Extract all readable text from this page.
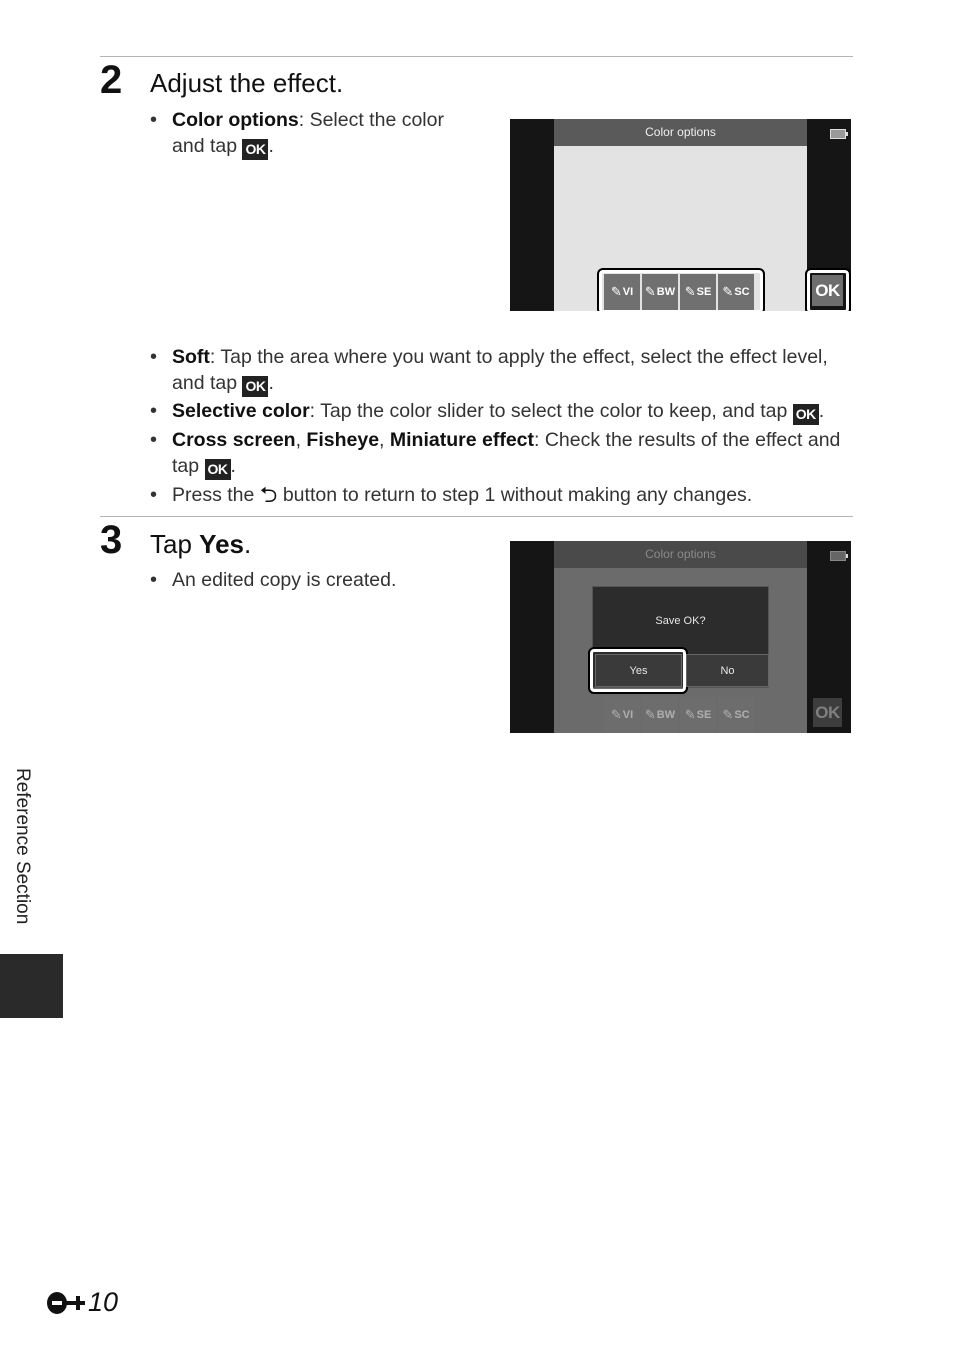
2 Adjust the effect.
• Color options: Select the color and tap OK .
Color options
✎ VI ✎ BW ✎ SE ✎ SC	OK
• Soft: Tap the area where you want to apply the effect, select the effect level, and tap OK .
• Selective color: Tap the color slider to select the color to keep, and tap OK .
• Cross screen, Fisheye, Miniature effect: Check the results of the effect and tap OK .
• Press the ⮌ button to return to step 1 without making any changes.
3 Tap Yes.
• An edited copy is created.
Color options
Save OK?
Yes	No
✎ VI ✎ BW ✎ SE ✎ SC	OK
Reference Section
10
